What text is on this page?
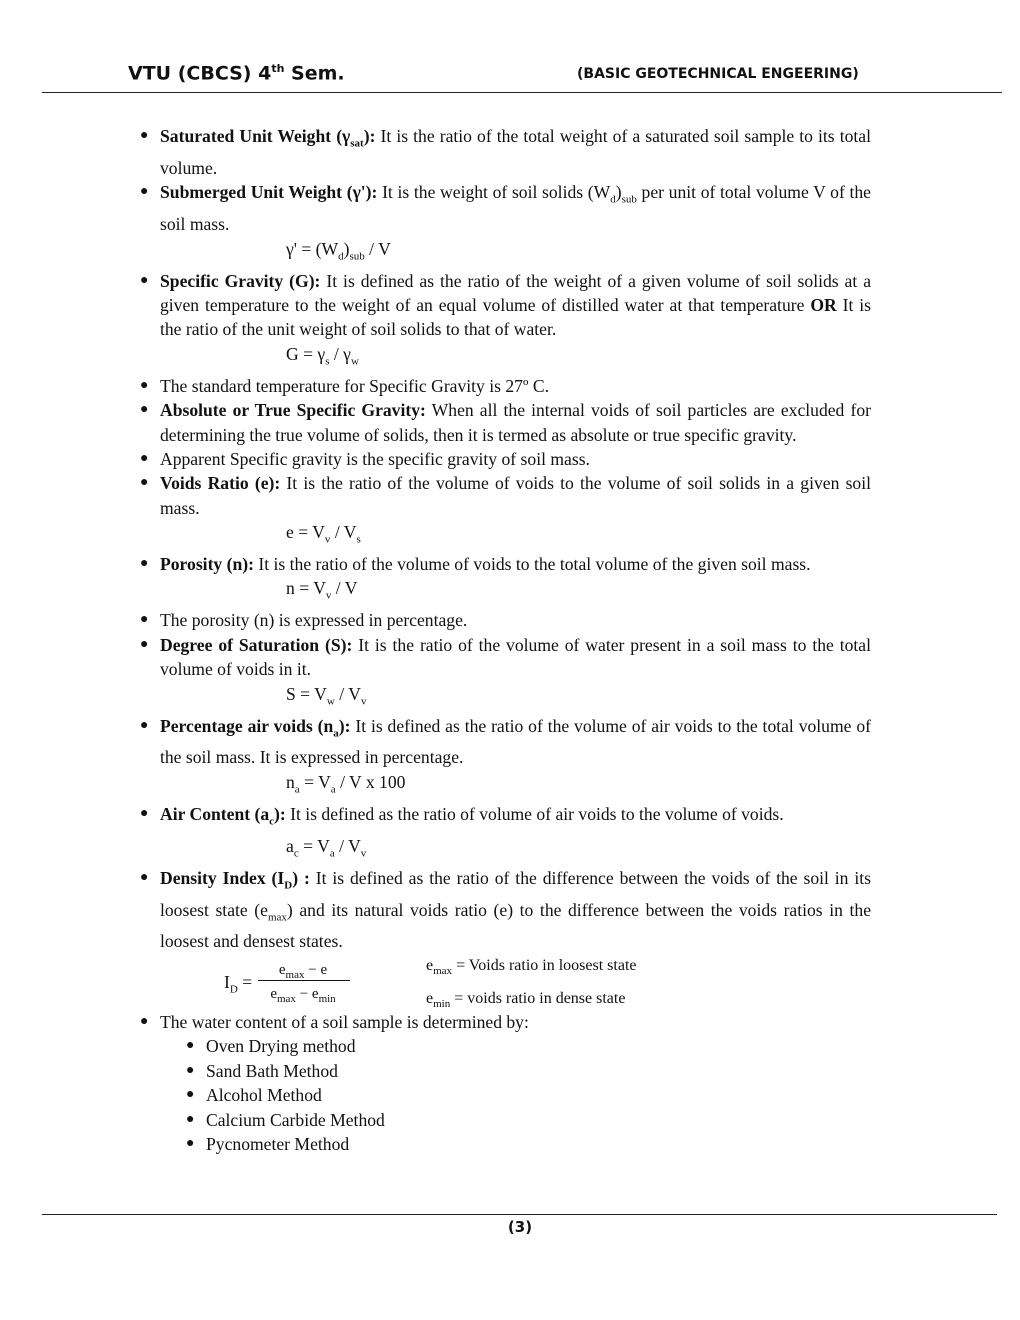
VTU (CBCS) 4th Sem.	(BASIC GEOTECHNICAL ENGEERING)
● Saturated Unit Weight $(\gamma_{sat})$: It is the ratio of the total weight of a saturated soil sample to its total volume.
● Submerged Unit Weight (γ'): It is the weight of soil solids $(W_d)_{sub}$ per unit of total volume V of the soil mass.
$\gamma' = (W_d)_{sub} / V$
● Specific Gravity (G): It is defined as the ratio of the weight of a given volume of soil solids at a given temperature to the weight of an equal volume of distilled water at that temperature OR It is the ratio of the unit weight of soil solids to that of water.
$G = \gamma_s / \gamma_w$
● The standard temperature for Specific Gravity is 27º C.
● Absolute or True Specific Gravity: When all the internal voids of soil particles are excluded for determining the true volume of solids, then it is termed as absolute or true specific gravity.
● Apparent Specific gravity is the specific gravity of soil mass.
● Voids Ratio (e): It is the ratio of the volume of voids to the volume of soil solids in a given soil mass.
$e = V_v / V_s$
● Porosity (n): It is the ratio of the volume of voids to the total volume of the given soil mass.
$n = V_v / V$
● The porosity (n) is expressed in percentage.
● Degree of Saturation (S): It is the ratio of the volume of water present in a soil mass to the total volume of voids in it.
$S = V_w / V_v$
● Percentage air voids $(n_a)$: It is defined as the ratio of the volume of air voids to the total volume of the soil mass. It is expressed in percentage.
$n_a = V_a / V$ x 100
● Air Content $(a_c)$: It is defined as the ratio of volume of air voids to the volume of voids.
$a_c = V_a / V_v$
● Density Index $(I_D)$ : It is defined as the ratio of the difference between the voids of the soil in its loosest state $(e_{max})$ and its natural voids ratio (e) to the difference between the voids ratios in the loosest and densest states.
$I_D$ =
$e_{max} - e$
$e_{max} - e_{min}$
$e_{max}$ = Voids ratio in loosest state
$e_{min}$ = voids ratio in dense state
● The water content of a soil sample is determined by:
● Oven Drying method
● Sand Bath Method
● Alcohol Method
● Calcium Carbide Method
● Pycnometer Method
(3)
